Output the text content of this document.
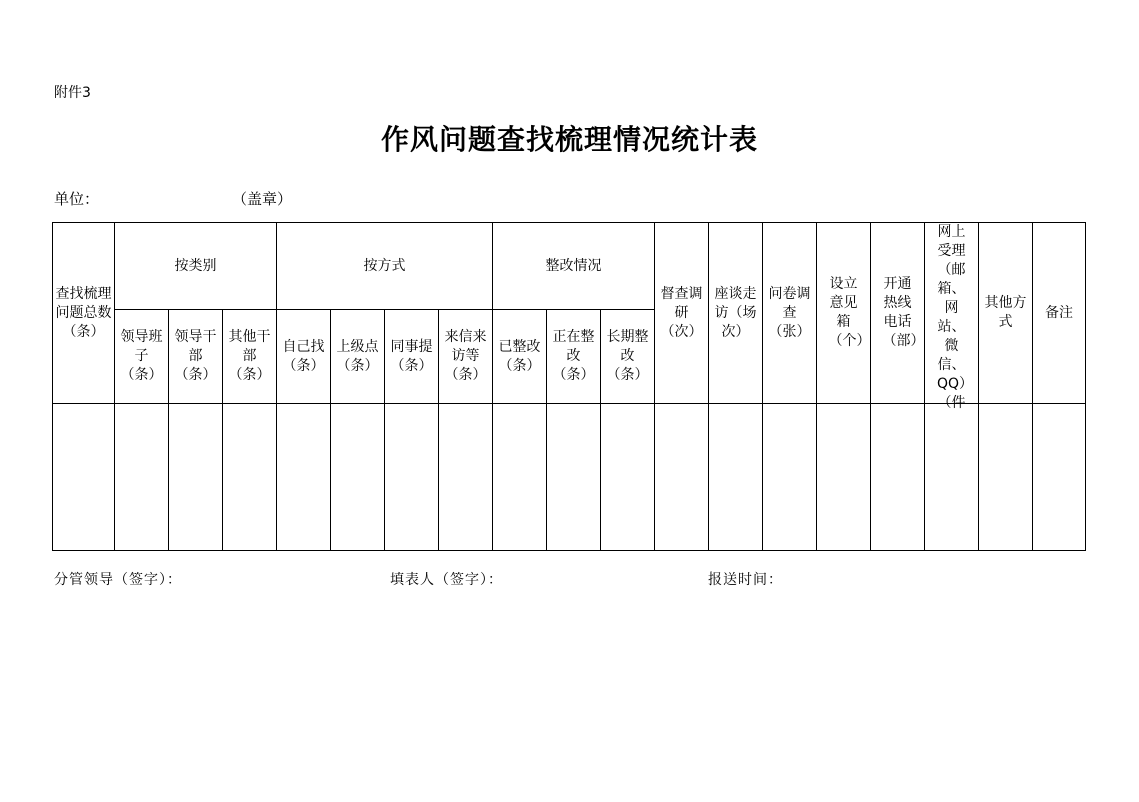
附件3
作风问题查找梳理情况统计表
单位：	（盖章）
查找梳理问题总数（条）	按类别			按方式				整改情况			督查调研（次）	座谈走访（场次）	问卷调查（张）	设立意见箱（个）	开通热线电话（部）	网上受理（邮箱、网站、微信、QQ）（件	其他方式	备注

	领导班子（条）	领导干部（条）	其他干部（条）	自己找（条）	上级点（条）	同事提（条）	来信来访等（条）	已整改（条）	正在整改（条）	长期整改（条）								

分管领导（签字）：	填表人（签字）：	报送时间：
